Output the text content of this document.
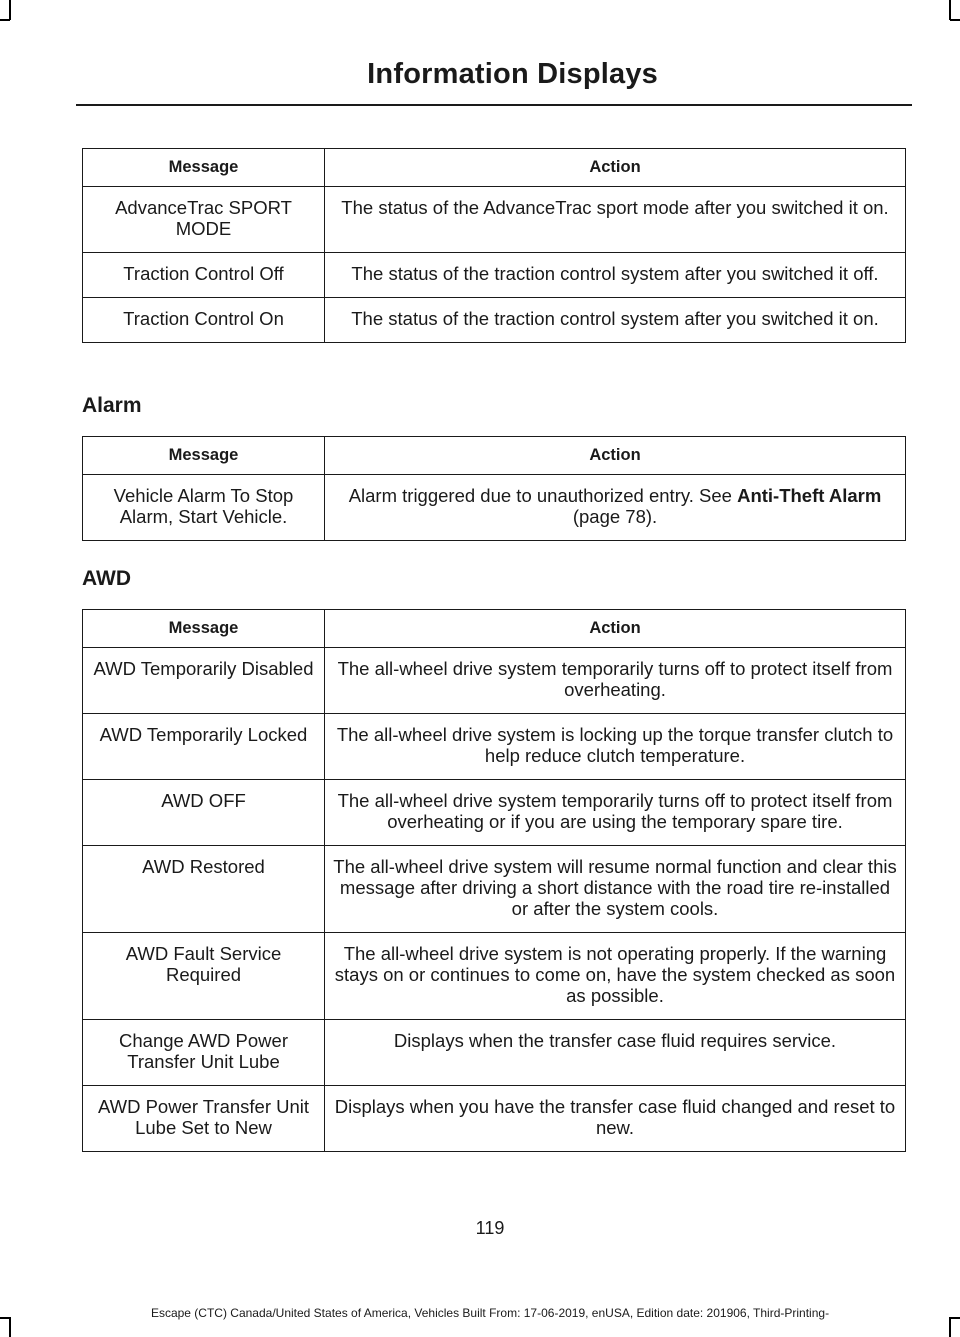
Information Displays
Message	Action
AdvanceTrac SPORT MODE	The status of the AdvanceTrac sport mode after you switched it on.
Traction Control Off	The status of the traction control system after you switched it off.
Traction Control On	The status of the traction control system after you switched it on.
Alarm
Message	Action
Vehicle Alarm To Stop Alarm, Start Vehicle.	Alarm triggered due to unauthorized entry. See Anti-Theft Alarm (page 78).
AWD
Message	Action
AWD Temporarily Disabled	The all-wheel drive system temporarily turns off to protect itself from overheating.
AWD Temporarily Locked	The all-wheel drive system is locking up the torque transfer clutch to help reduce clutch temperature.
AWD OFF	The all-wheel drive system temporarily turns off to protect itself from overheating or if you are using the temporary spare tire.
AWD Restored	The all-wheel drive system will resume normal function and clear this message after driving a short distance with the road tire re-installed or after the system cools.
AWD Fault Service Required	The all-wheel drive system is not operating properly. If the warning stays on or continues to come on, have the system checked as soon as possible.
Change AWD Power Transfer Unit Lube	Displays when the transfer case fluid requires service.
AWD Power Transfer Unit Lube Set to New	Displays when you have the transfer case fluid changed and reset to new.
119
Escape (CTC) Canada/United States of America, Vehicles Built From: 17-06-2019, enUSA, Edition date: 201906, Third-Printing-
